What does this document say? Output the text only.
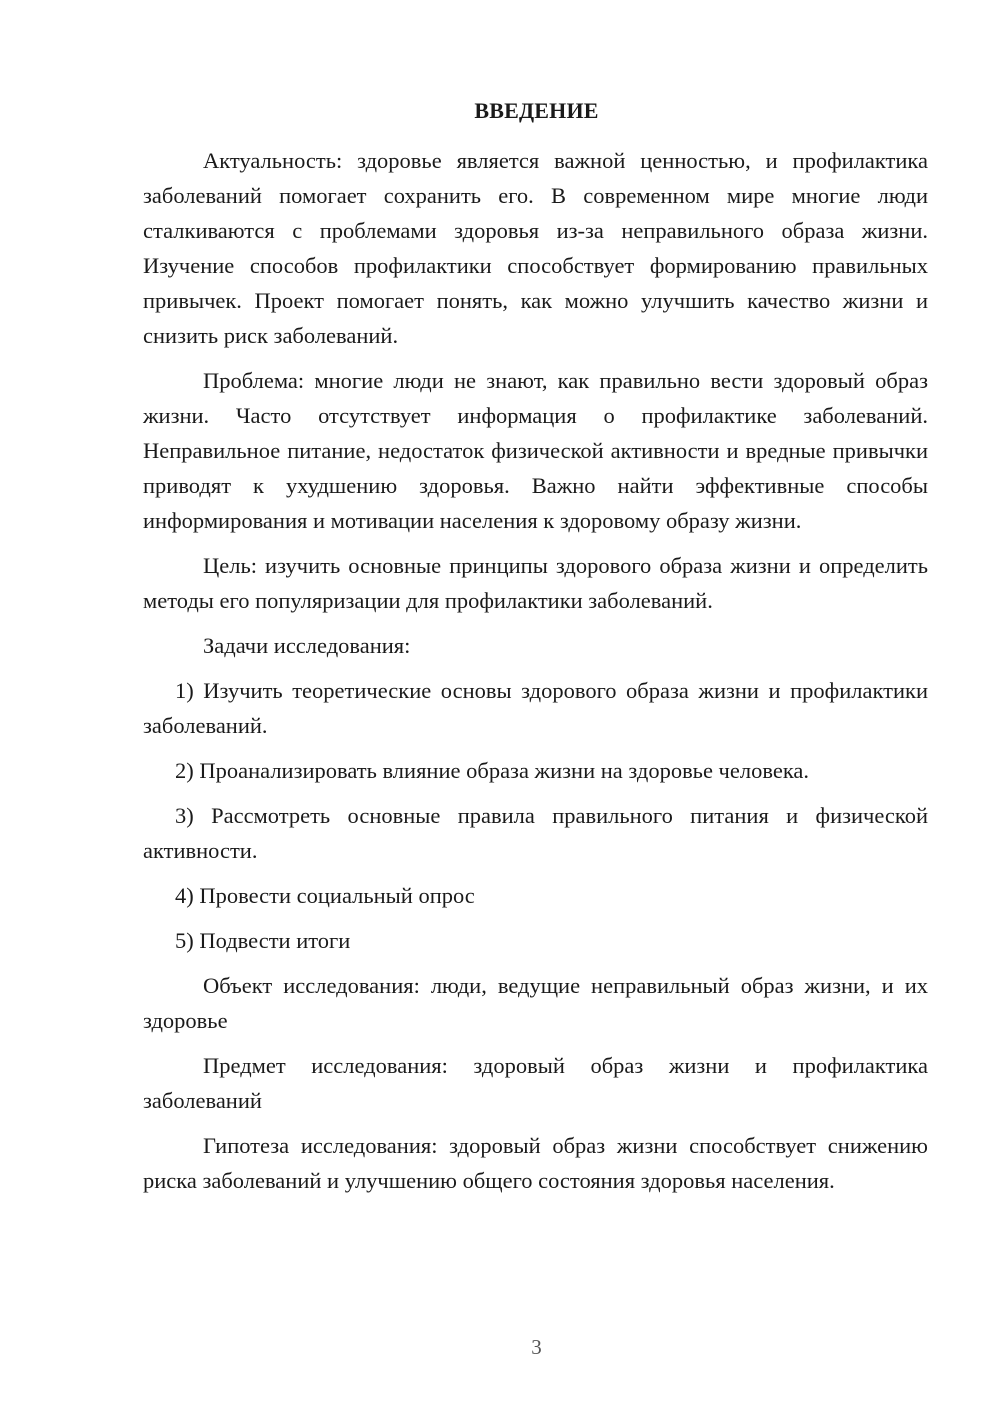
ВВЕДЕНИЕ

Актуальность: здоровье является важной ценностью, и профилактика заболеваний помогает сохранить его. В современном мире многие люди сталкиваются с проблемами здоровья из-за неправильного образа жизни. Изучение способов профилактики способствует формированию правильных привычек. Проект помогает понять, как можно улучшить качество жизни и снизить риск заболеваний.

Проблема: многие люди не знают, как правильно вести здоровый образ жизни. Часто отсутствует информация о профилактике заболеваний. Неправильное питание, недостаток физической активности и вредные привычки приводят к ухудшению здоровья. Важно найти эффективные способы информирования и мотивации населения к здоровому образу жизни.

Цель: изучить основные принципы здорового образа жизни и определить методы его популяризации для профилактики заболеваний.

Задачи исследования:

1) Изучить теоретические основы здорового образа жизни и профилактики заболеваний.

2) Проанализировать влияние образа жизни на здоровье человека.

3) Рассмотреть основные правила правильного питания и физической активности.

4) Провести социальный опрос

5) Подвести итоги

Объект исследования: люди, ведущие неправильный образ жизни, и их здоровье

Предмет исследования: здоровый образ жизни и профилактика заболеваний

Гипотеза исследования: здоровый образ жизни способствует снижению риска заболеваний и улучшению общего состояния здоровья населения.

3
